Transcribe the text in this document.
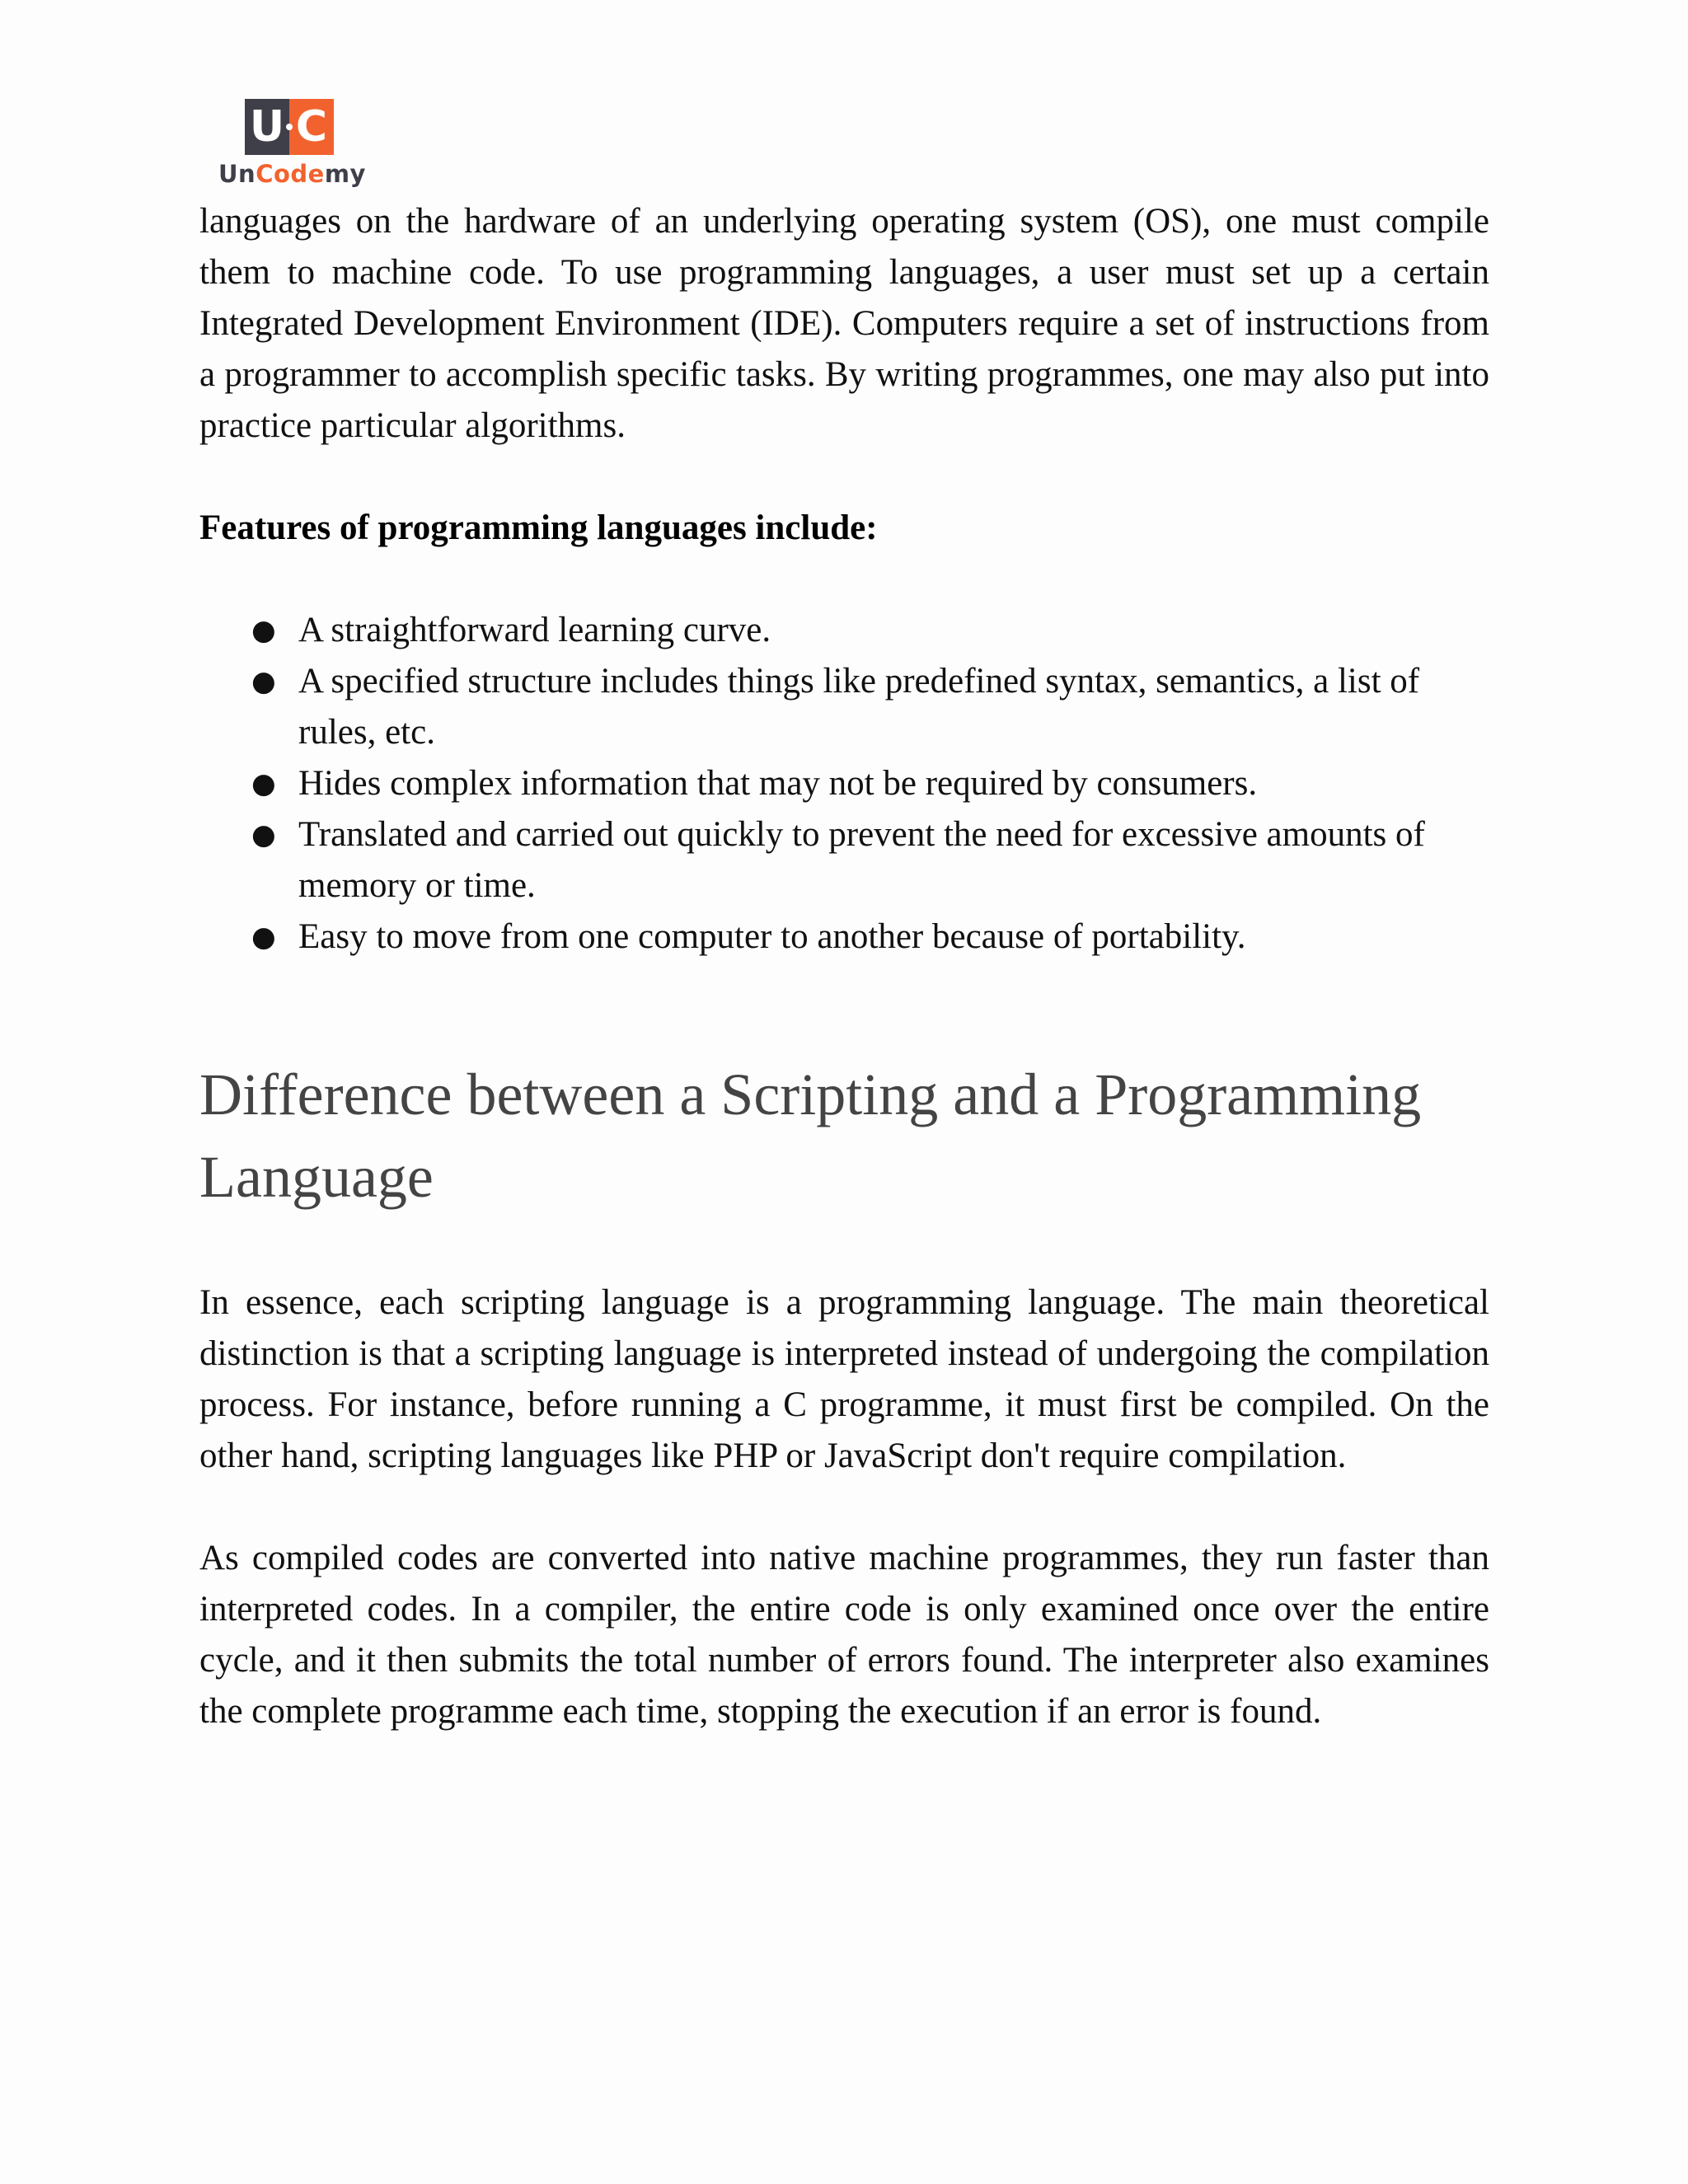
U C
UnCodemy

languages on the hardware of an underlying operating system (OS), one must compile them to machine code. To use programming languages, a user must set up a certain Integrated Development Environment (IDE). Computers require a set of instructions from a programmer to accomplish specific tasks. By writing programmes, one may also put into practice particular algorithms.

Features of programming languages include:

● A straightforward learning curve.
● A specified structure includes things like predefined syntax, semantics, a list of rules, etc.
● Hides complex information that may not be required by consumers.
● Translated and carried out quickly to prevent the need for excessive amounts of memory or time.
● Easy to move from one computer to another because of portability.
Difference between a Scripting and a Programming Language

In essence, each scripting language is a programming language. The main theoretical distinction is that a scripting language is interpreted instead of undergoing the compilation process. For instance, before running a C programme, it must first be compiled. On the other hand, scripting languages like PHP or JavaScript don't require compilation.

As compiled codes are converted into native machine programmes, they run faster than interpreted codes. In a compiler, the entire code is only examined once over the entire cycle, and it then submits the total number of errors found. The interpreter also examines the complete programme each time, stopping the execution if an error is found.
